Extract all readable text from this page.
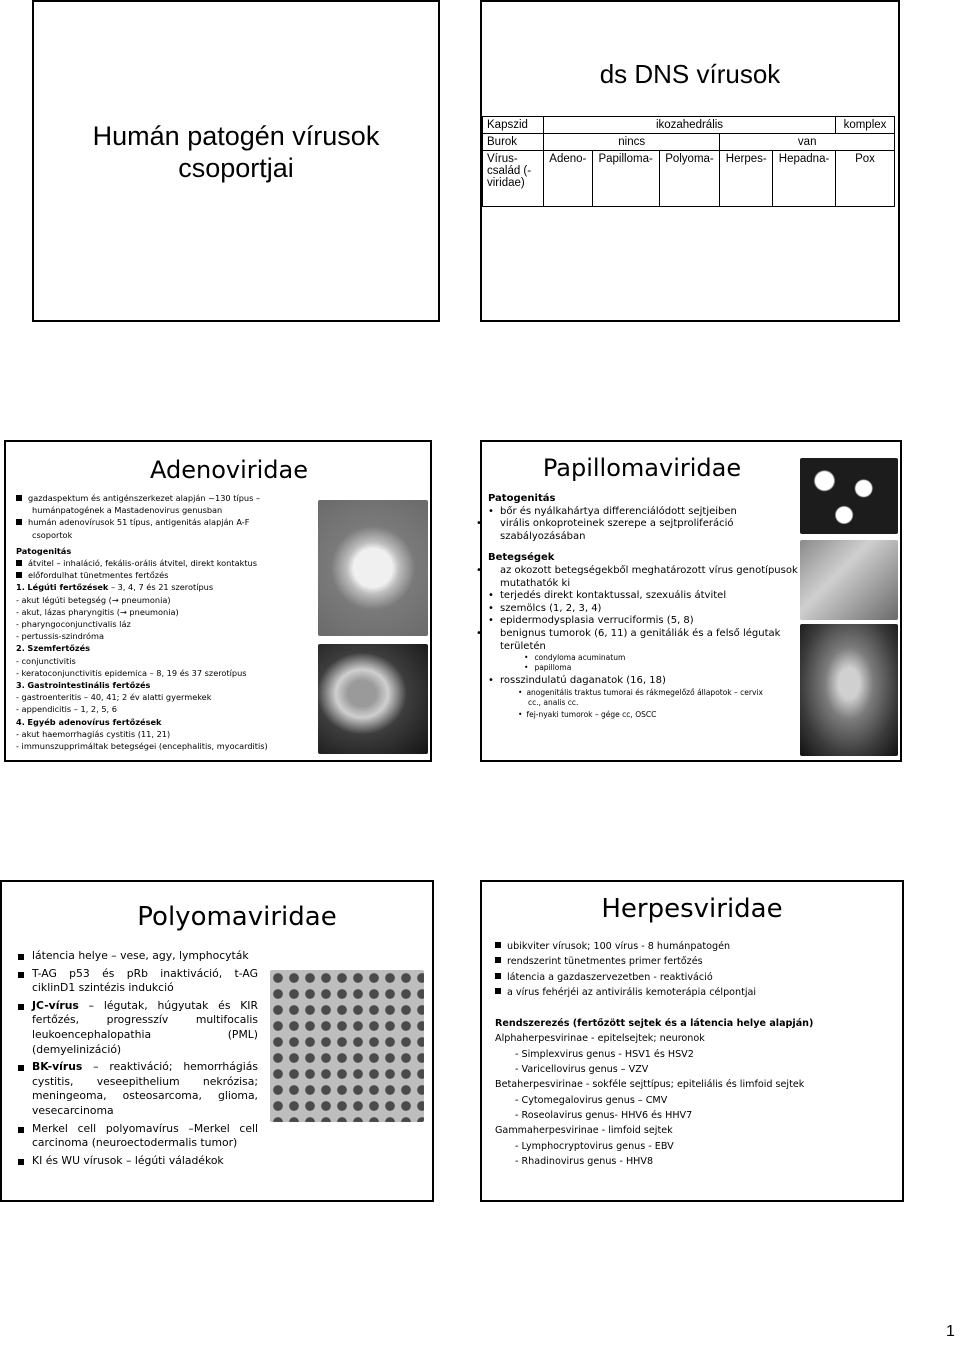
Humán patogén vírusok csoportjai
ds DNS vírusok
Kapszid	ikozahedrális					komplex
Burok	nincs			van		
Vírus-család (-viridae)	Adeno-	Papilloma-	Polyoma-	Herpes-	Hepadna-	Pox
Adenoviridae
gazdaspektum és antigénszerkezet alapján ~130 típus –
humánpatogének a Mastadenovirus genusban
humán adenovírusok 51 típus, antigenitás alapján A-F
csoportok
Patogenitás
átvitel – inhaláció, fekális-orális átvitel, direkt kontaktus
előfordulhat tünetmentes fertőzés
1. Légúti fertőzések – 3, 4, 7 és 21 szerotípus
- akut légúti betegség (→ pneumonia)
- akut, lázas pharyngitis (→ pneumonia)
- pharyngoconjunctivalis láz
- pertussis-szindróma
2. Szemfertőzés
- conjunctivitis
- keratoconjunctivitis epidemica – 8, 19 és 37 szerotípus
3. Gastrointestinális fertőzés
- gastroenteritis – 40, 41; 2 év alatti gyermekek
- appendicitis – 1, 2, 5, 6
4. Egyéb adenovírus fertőzések
- akut haemorrhagiás cystitis (11, 21)
- immunszupprimáltak betegségei (encephalitis, myocarditis)
Papillomaviridae
Patogenitás
• bőr és nyálkahártya differenciálódott sejtjeiben
• virális onkoproteinek szerepe a sejtproliferáció szabályozásában
Betegségek
• az okozott betegségekből meghatározott vírus genotípusok mutathatók ki
• terjedés direkt kontaktussal, szexuális átvitel
• szemölcs (1, 2, 3, 4)
• epidermodysplasia verruciformis (5, 8)
• benignus tumorok (6, 11) a genitáliák és a felső légutak területén
• condyloma acuminatum
• papilloma
• rosszindulatú daganatok (16, 18)
• anogenitális traktus tumorai és rákmegelőző állapotok – cervix cc., analis cc.
• fej-nyaki tumorok – gége cc, OSCC
Polyomaviridae
látencia helye – vese, agy, lymphocyták
T-AG p53 és pRb inaktiváció, t-AG ciklinD1 szintézis indukció
JC-vírus – légutak, húgyutak és KIR fertőzés, progresszív multifocalis leukoencephalopathia (PML) (demyelinizáció)
BK-vírus – reaktiváció; hemorrhágiás cystitis, veseepithelium nekrózisa; meningeoma, osteosarcoma, glioma, vesecarcinoma
Merkel cell polyomavírus –Merkel cell carcinoma (neuroectodermalis tumor)
KI és WU vírusok – légúti váladékok
Herpesviridae
ubikviter vírusok; 100 vírus - 8 humánpatogén
rendszerint tünetmentes primer fertőzés
látencia a gazdaszervezetben - reaktiváció
a vírus fehérjéi az antivirális kemoterápia célpontjai
Rendszerezés (fertőzött sejtek és a látencia helye alapján)
Alphaherpesvirinae - epitelsejtek; neuronok
- Simplexvirus genus - HSV1 és HSV2
- Varicellovirus genus – VZV
Betaherpesvirinae - sokféle sejttípus; epiteliális és limfoid sejtek
- Cytomegalovirus genus – CMV
- Roseolavirus genus- HHV6 és HHV7
Gammaherpesvirinae - limfoid sejtek
- Lymphocryptovirus genus - EBV
- Rhadinovirus genus - HHV8
1
